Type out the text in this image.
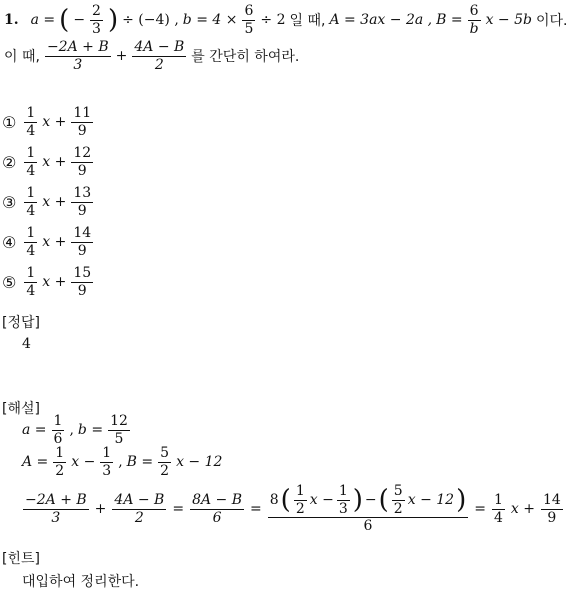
1. a = ( − $\frac{2}{3}$ ) ÷ (−4) , $b = 4 \times \frac{6}{5} \div 2$ 일 때, A = 3ax − 2a , $B = \frac{6}{b}$ x − 5b 이다.
이 때, $\frac{-2A + B}{3} + \frac{4A - B}{2}$ 를 간단히 하여라.
① $\frac{1}{4}$ $x + \frac{11}{9}$
② $\frac{1}{4}$ $x + \frac{12}{9}$
③ $\frac{1}{4}$ $x + \frac{13}{9}$
④ $\frac{1}{4}$ $x + \frac{14}{9}$
⑤ $\frac{1}{4}$ $x + \frac{15}{9}$
[정답]
4
[해설]
$a = \frac{1}{6}$ , $b = \frac{12}{5}$
$A = \frac{1}{2}$ $x - \frac{1}{3}$ , $B = \frac{5}{2}$ x − 12
$\frac{-2A + B}{3} + \frac{4A - B}{2} = \frac{8A - B}{6}$ =
8 ( $\frac{1}{2}$ $x - \frac{1}{3}$ ) − ( $\frac{5}{2}$ x − 12 )
6
= $\frac{1}{4}$ $x + \frac{14}{9}$
[힌트]
대입하여 정리한다.
